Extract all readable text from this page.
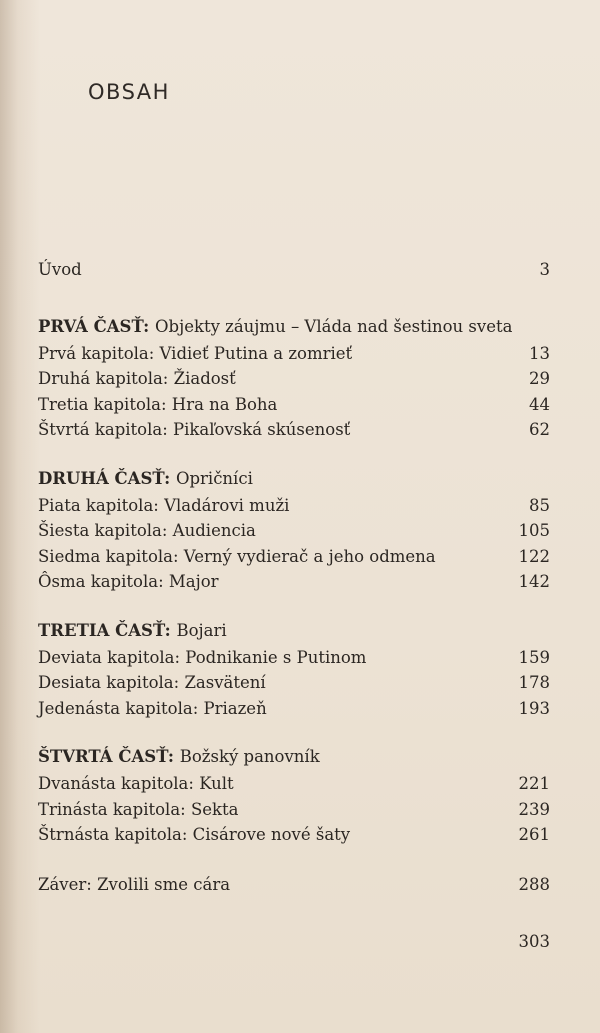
OBSAH
Úvod	3
PRVÁ ČASŤ: Objekty záujmu – Vláda nad šestinou sveta
Prvá kapitola: Vidieť Putina a zomrieť	13
Druhá kapitola: Žiadosť	29
Tretia kapitola: Hra na Boha	44
Štvrtá kapitola: Pikaľovská skúsenosť	62
DRUHÁ ČASŤ: Opričníci
Piata kapitola: Vladárovi muži	85
Šiesta kapitola: Audiencia	105
Siedma kapitola: Verný vydierač a jeho odmena	122
Ôsma kapitola: Major	142
TRETIA ČASŤ: Bojari
Deviata kapitola: Podnikanie s Putinom	159
Desiata kapitola: Zasvätení	178
Jedenásta kapitola: Priazeň	193
ŠTVRTÁ ČASŤ: Božský panovník
Dvanásta kapitola: Kult	221
Trinásta kapitola: Sekta	239
Štrnásta kapitola: Cisárove nové šaty	261
Záver: Zvolili sme cára	288
303
